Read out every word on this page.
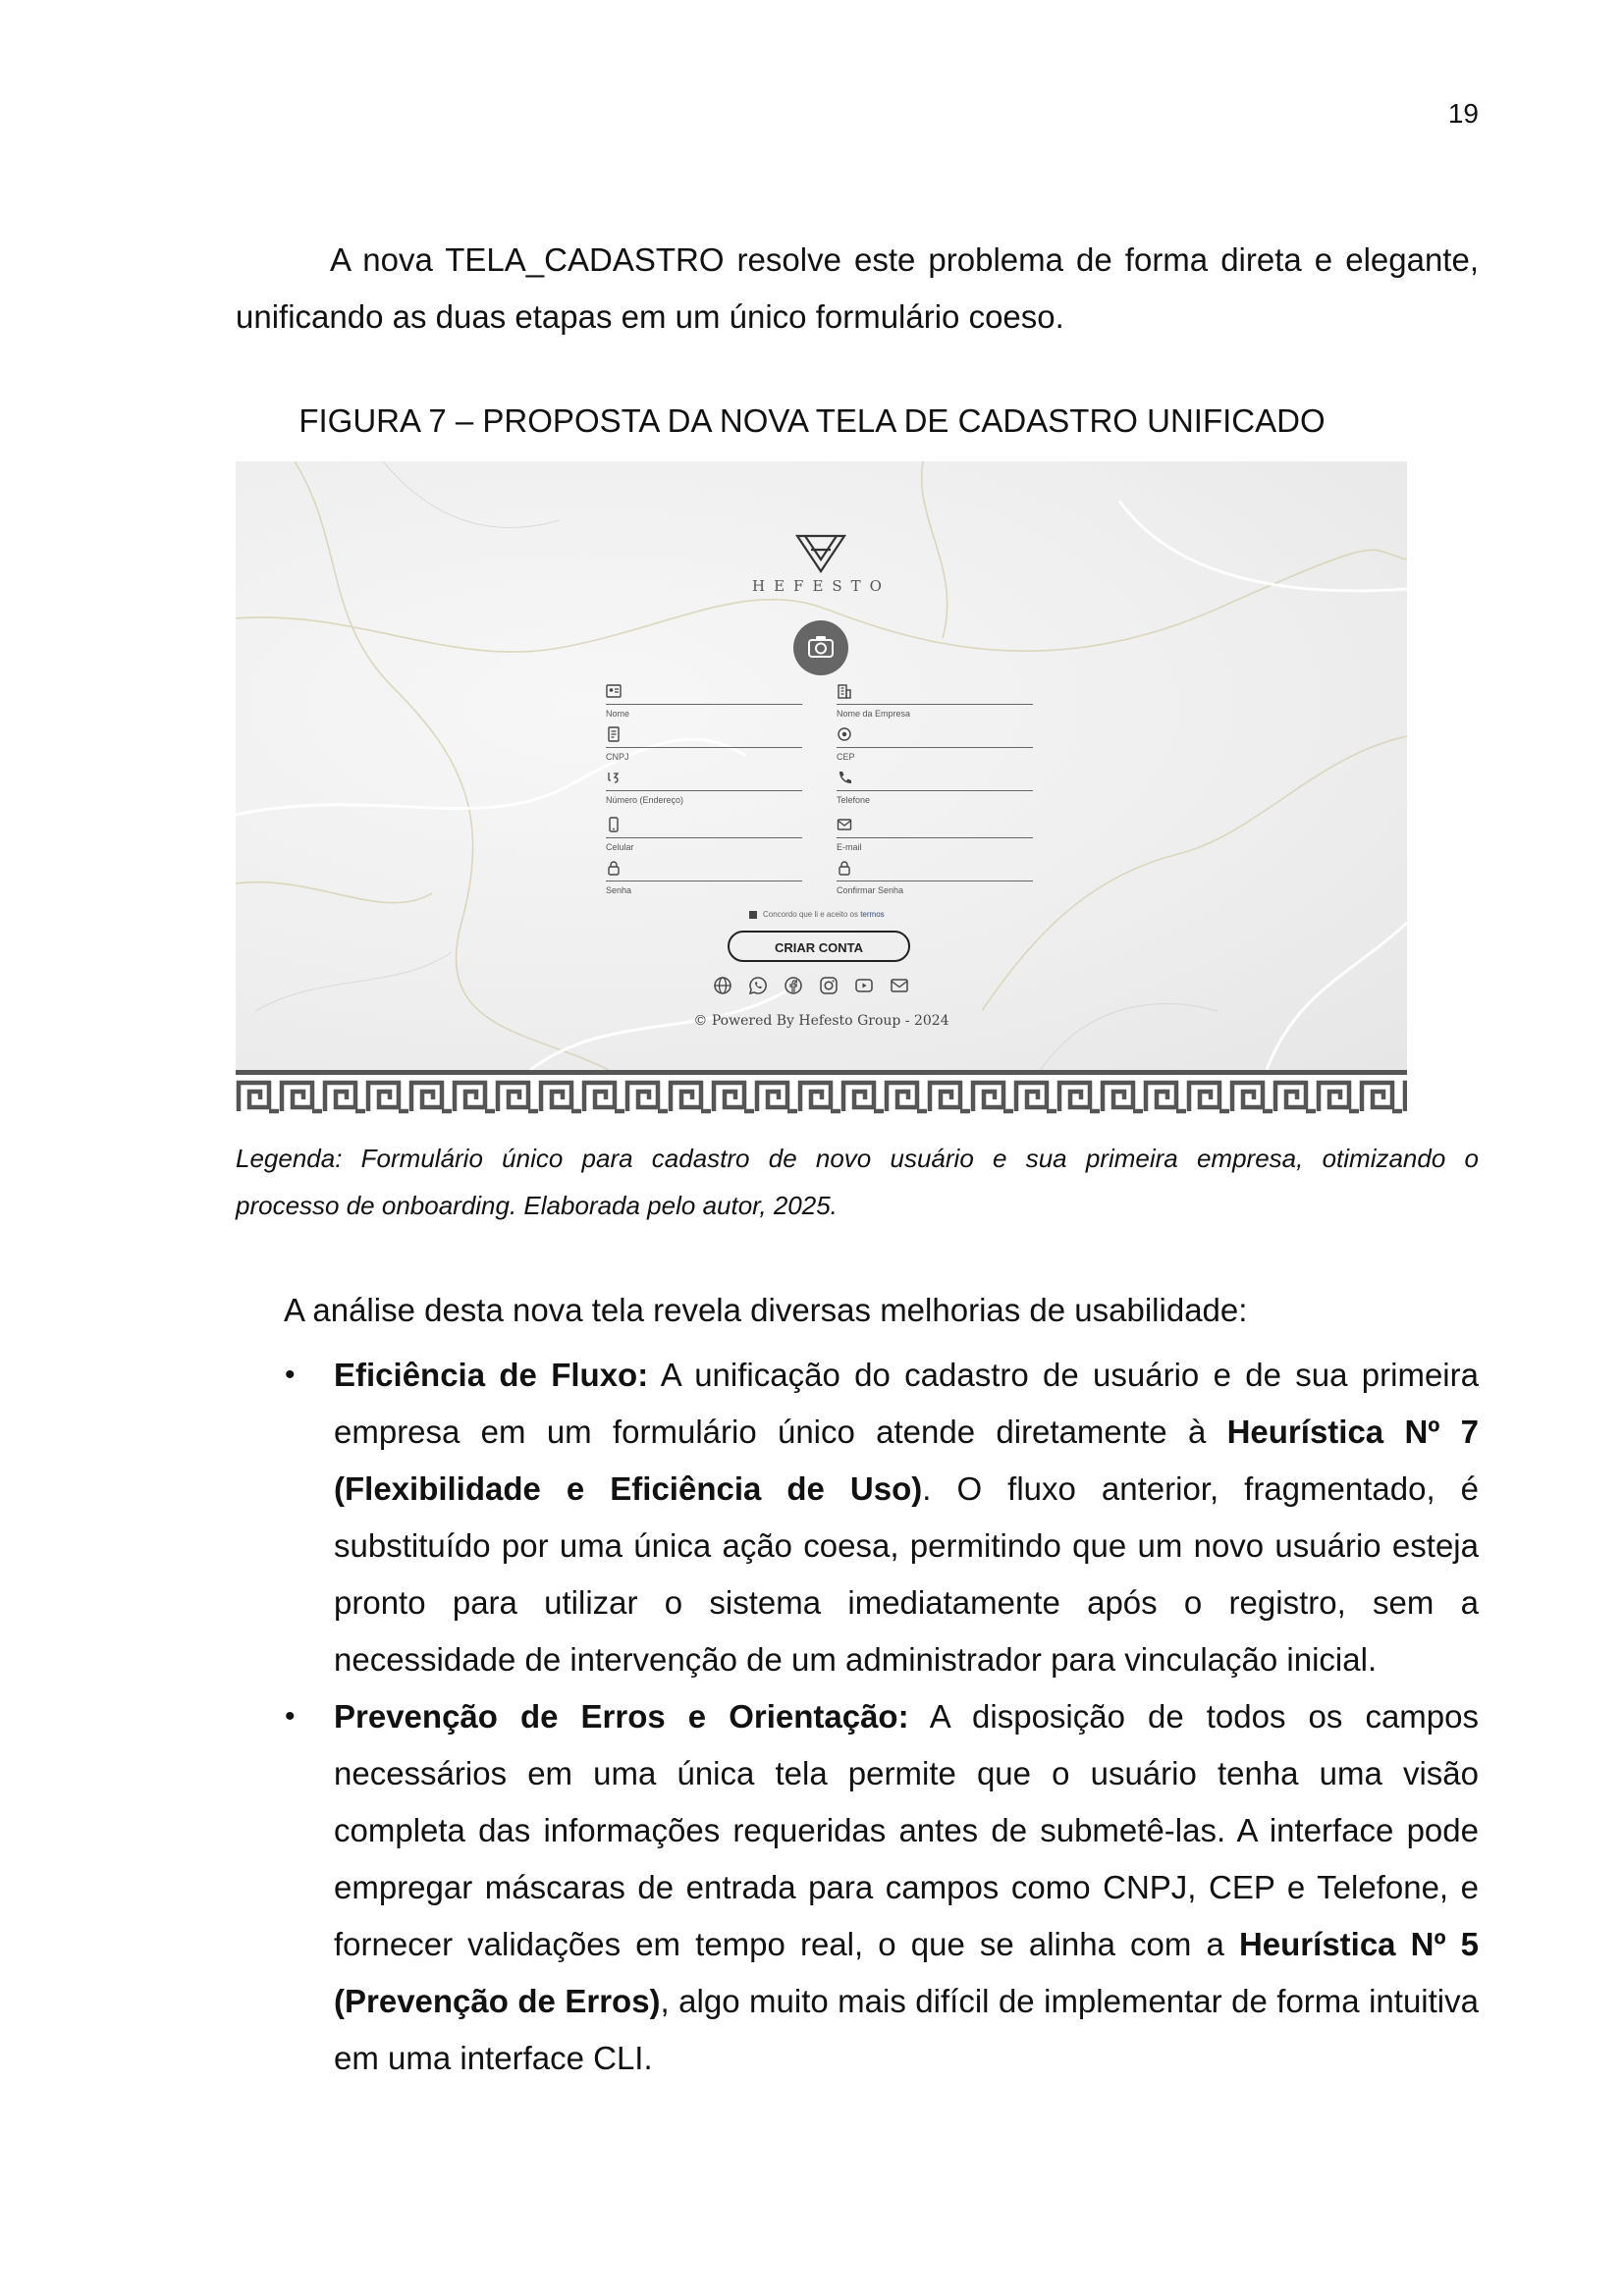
19
A nova TELA_CADASTRO resolve este problema de forma direta e elegante, unificando as duas etapas em um único formulário coeso.
FIGURA 7 – PROPOSTA DA NOVA TELA DE CADASTRO UNIFICADO
HEFESTO
Nome
CNPJ
Número (Endereço)
Celular
Senha
Nome da Empresa
CEP
Telefone
E-mail
Confirmar Senha
Concordo que li e aceito os termos
CRIAR CONTA
© Powered By Hefesto Group - 2024
Legenda: Formulário único para cadastro de novo usuário e sua primeira empresa, otimizando o
processo de onboarding. Elaborada pelo autor, 2025.
A análise desta nova tela revela diversas melhorias de usabilidade:
• Eficiência de Fluxo: A unificação do cadastro de usuário e de sua primeira empresa em um formulário único atende diretamente à Heurística Nº 7 (Flexibilidade e Eficiência de Uso). O fluxo anterior, fragmentado, é substituído por uma única ação coesa, permitindo que um novo usuário esteja pronto para utilizar o sistema imediatamente após o registro, sem a necessidade de intervenção de um administrador para vinculação inicial.
• Prevenção de Erros e Orientação: A disposição de todos os campos necessários em uma única tela permite que o usuário tenha uma visão completa das informações requeridas antes de submetê-las. A interface pode empregar máscaras de entrada para campos como CNPJ, CEP e Telefone, e fornecer validações em tempo real, o que se alinha com a Heurística Nº 5 (Prevenção de Erros), algo muito mais difícil de implementar de forma intuitiva em uma interface CLI.
